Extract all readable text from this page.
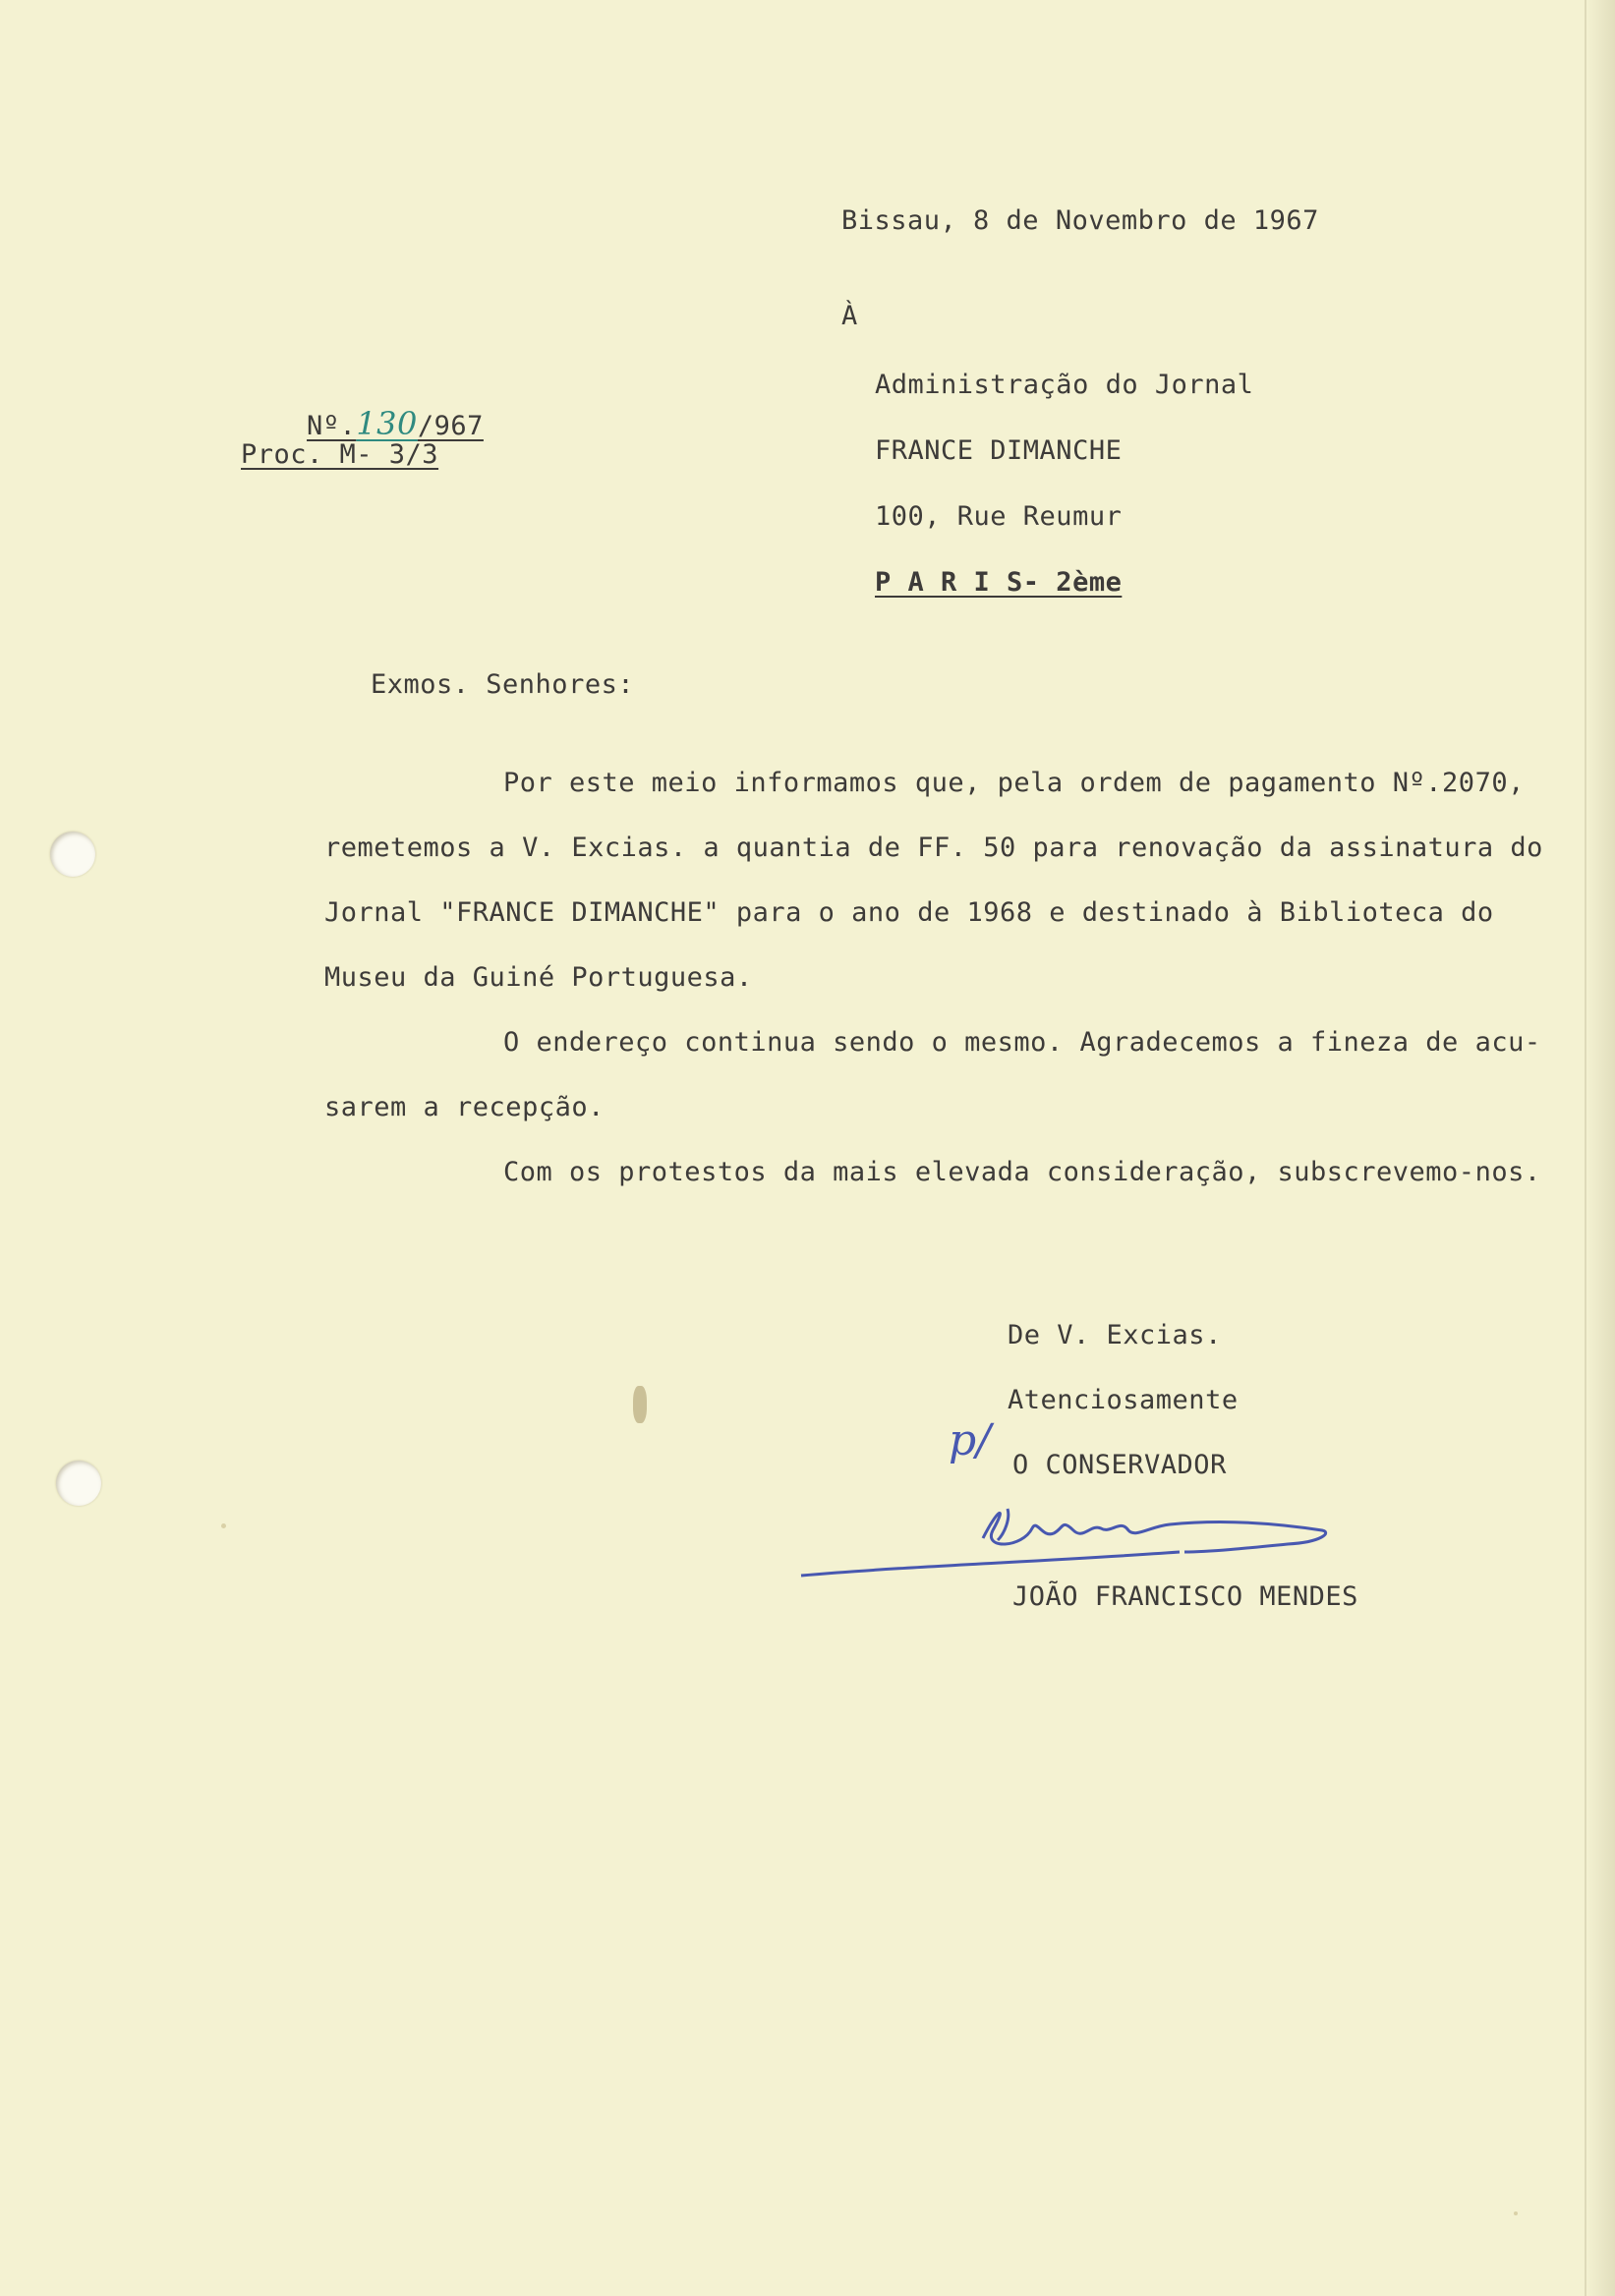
Bissau, 8 de Novembro de 1967
À

Nº.130/967

Proc. M- 3/3
Administração do Jornal
FRANCE DIMANCHE
100, Rue Reumur
P A R I S- 2ème
Exmos. Senhores:
Por este meio informamos que, pela ordem de pagamento Nº.2070,
remetemos a V. Excias. a quantia de FF. 50 para renovação da assinatura do
Jornal "FRANCE DIMANCHE" para o ano de 1968 e destinado à Biblioteca do
Museu da Guiné Portuguesa.
O endereço continua sendo o mesmo. Agradecemos a fineza de acu-
sarem a recepção.
Com os protestos da mais elevada consideração, subscrevemo-nos.
De V. Excias.
Atenciosamente
p/ O CONSERVADOR
JOÃO FRANCISCO MENDES
